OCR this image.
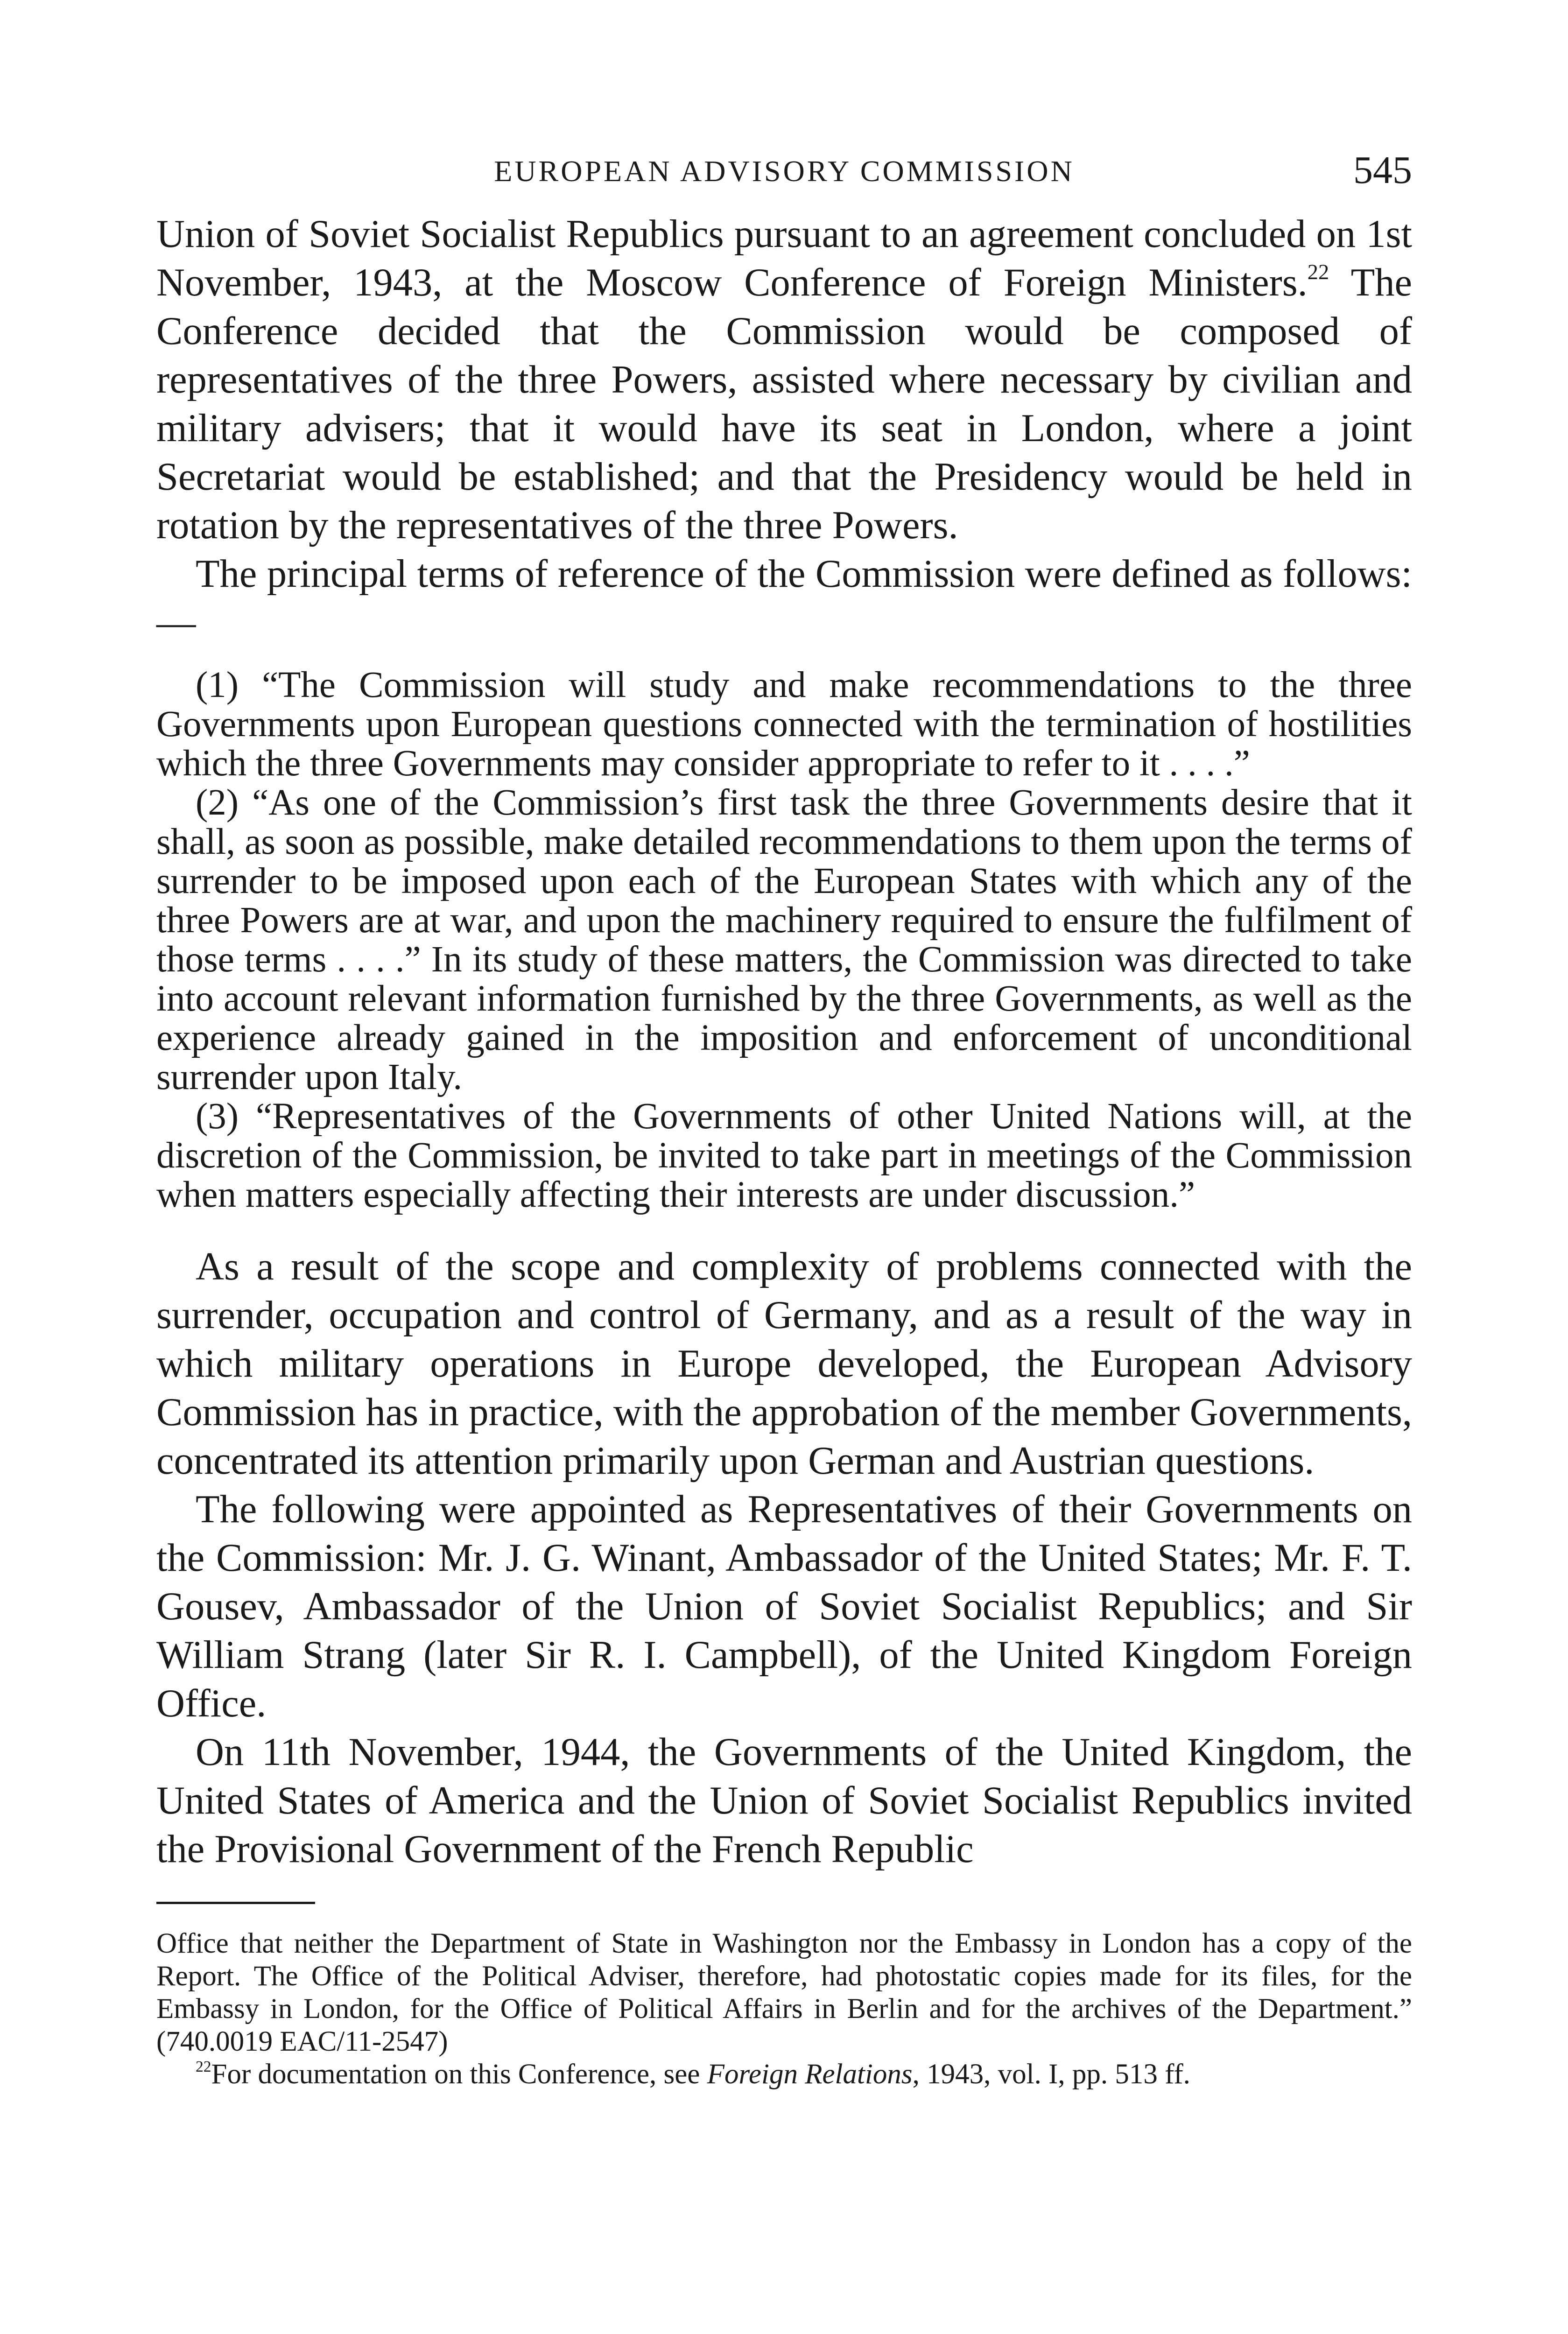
EUROPEAN ADVISORY COMMISSION	545

Union of Soviet Socialist Republics pursuant to an agreement concluded on 1st November, 1943, at the Moscow Conference of Foreign Ministers.$^{22}$ The Conference decided that the Commission would be composed of representatives of the three Powers, assisted where necessary by civilian and military advisers; that it would have its seat in London, where a joint Secretariat would be established; and that the Presidency would be held in rotation by the representatives of the three Powers.

The principal terms of reference of the Commission were defined as follows:—

(1) “The Commission will study and make recommendations to the three Governments upon European questions connected with the termination of hostilities which the three Governments may consider appropriate to refer to it . . . .”

(2) “As one of the Commission’s first task the three Governments desire that it shall, as soon as possible, make detailed recommendations to them upon the terms of surrender to be imposed upon each of the European States with which any of the three Powers are at war, and upon the machinery required to ensure the fulfilment of those terms . . . .” In its study of these matters, the Commission was directed to take into account relevant information furnished by the three Governments, as well as the experience already gained in the imposition and enforcement of unconditional surrender upon Italy.

(3) “Representatives of the Governments of other United Nations will, at the discretion of the Commission, be invited to take part in meetings of the Commission when matters especially affecting their interests are under discussion.”

As a result of the scope and complexity of problems connected with the surrender, occupation and control of Germany, and as a result of the way in which military operations in Europe developed, the European Advisory Commission has in practice, with the approbation of the member Governments, concentrated its attention primarily upon German and Austrian questions.

The following were appointed as Representatives of their Governments on the Commission: Mr. J. G. Winant, Ambassador of the United States; Mr. F. T. Gousev, Ambassador of the Union of Soviet Socialist Republics; and Sir William Strang (later Sir R. I. Campbell), of the United Kingdom Foreign Office.

On 11th November, 1944, the Governments of the United Kingdom, the United States of America and the Union of Soviet Socialist Republics invited the Provisional Government of the French Republic

Office that neither the Department of State in Washington nor the Embassy in London has a copy of the Report. The Office of the Political Adviser, therefore, had photostatic copies made for its files, for the Embassy in London, for the Office of Political Affairs in Berlin and for the archives of the Department.” (740.0019 EAC/11-2547)

$^{22}$For documentation on this Conference, see Foreign Relations, 1943, vol. I, pp. 513 ff.
